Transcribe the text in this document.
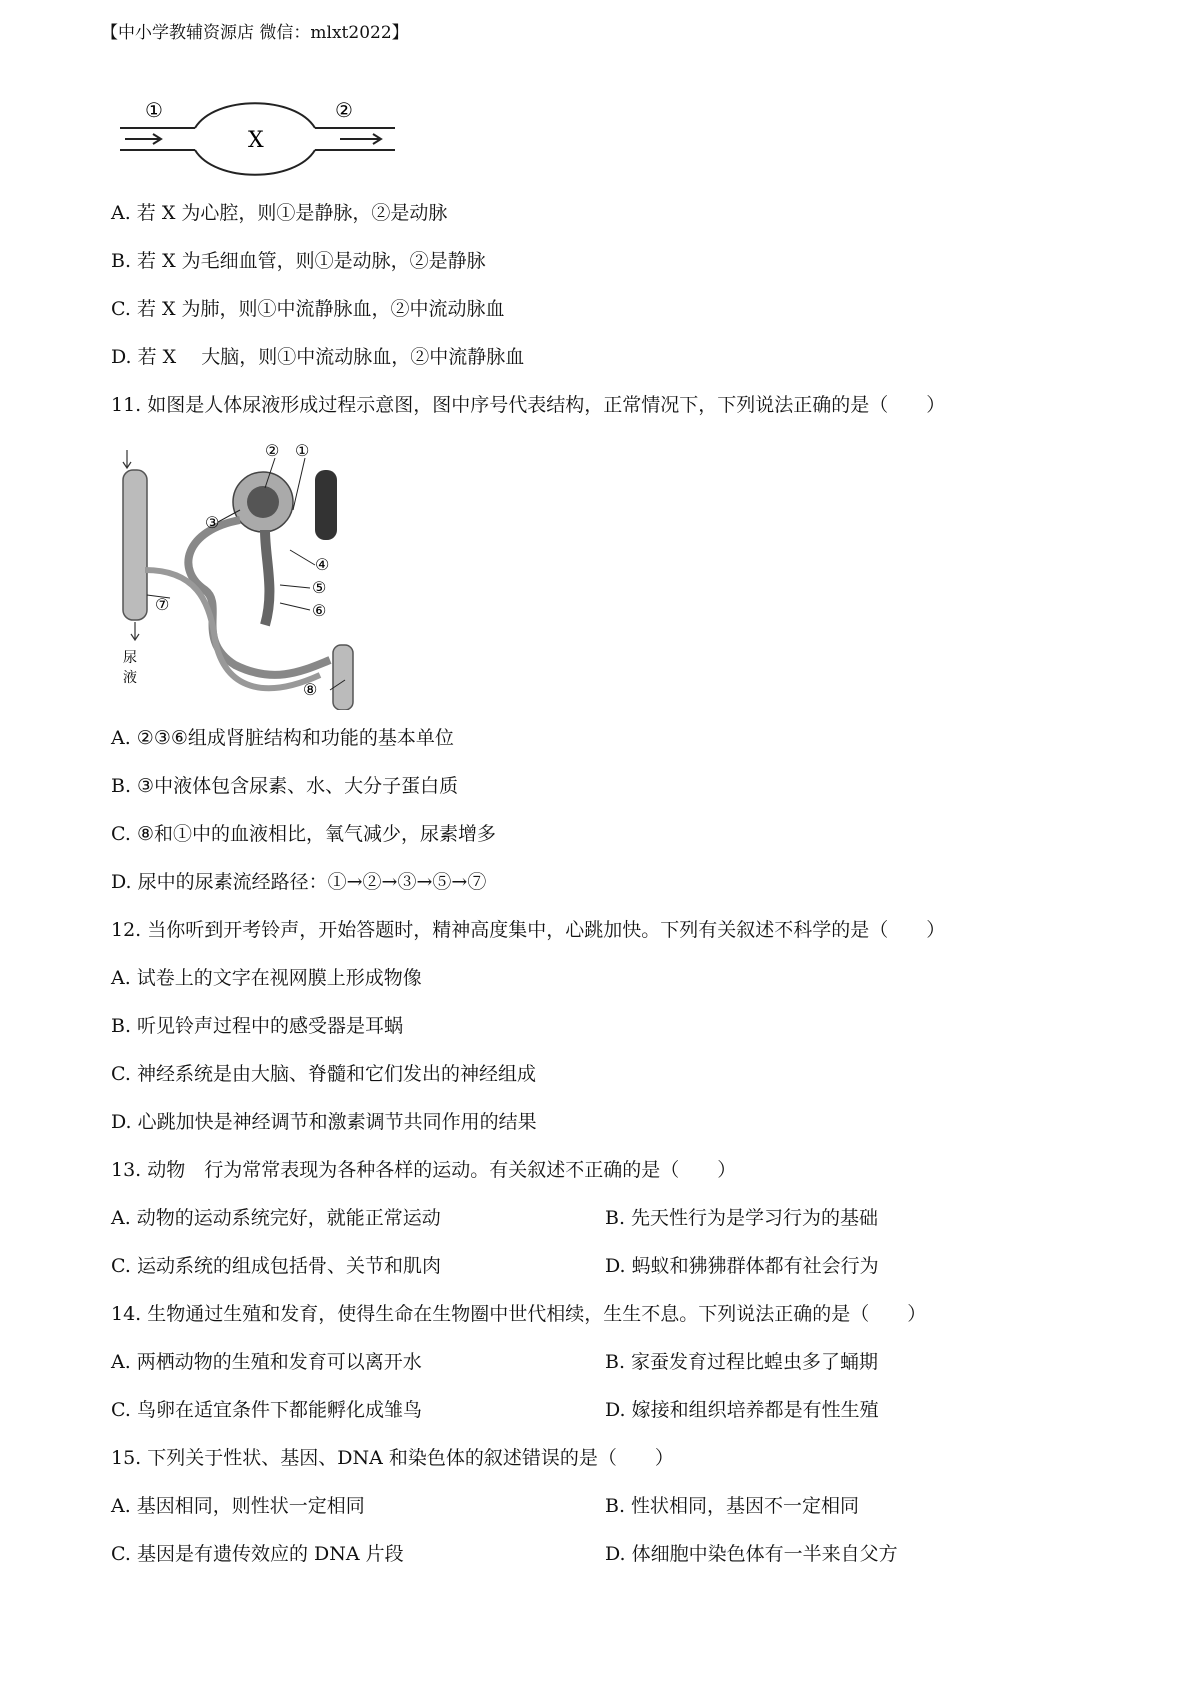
【中小学教辅资源店 微信：mlxt2022】
①	②
X
A. 若 X 为心腔，则①是静脉，②是动脉
B. 若 X 为毛细血管，则①是动脉，②是静脉
C. 若 X 为肺，则①中流静脉血，②中流动脉血
D. 若 X　 大脑，则①中流动脉血，②中流静脉血
11. 如图是人体尿液形成过程示意图，图中序号代表结构，正常情况下，下列说法正确的是（　　）
② ①
③
④
⑤
⑥
⑦
⑧
尿
液
A. ②③⑥组成肾脏结构和功能的基本单位
B. ③中液体包含尿素、水、大分子蛋白质
C. ⑧和①中的血液相比，氧气减少，尿素增多
D. 尿中的尿素流经路径：①→②→③→⑤→⑦
12. 当你听到开考铃声，开始答题时，精神高度集中，心跳加快。下列有关叙述不科学的是（　　）
A. 试卷上的文字在视网膜上形成物像
B. 听见铃声过程中的感受器是耳蜗
C. 神经系统是由大脑、脊髓和它们发出的神经组成
D. 心跳加快是神经调节和激素调节共同作用的结果
13. 动物　行为常常表现为各种各样的运动。有关叙述不正确的是（　　）
A. 动物的运动系统完好，就能正常运动	B. 先天性行为是学习行为的基础
C. 运动系统的组成包括骨、关节和肌肉	D. 蚂蚁和狒狒群体都有社会行为
14. 生物通过生殖和发育，使得生命在生物圈中世代相续，生生不息。下列说法正确的是（　　）
A. 两栖动物的生殖和发育可以离开水	B. 家蚕发育过程比蝗虫多了蛹期
C. 鸟卵在适宜条件下都能孵化成雏鸟	D. 嫁接和组织培养都是有性生殖
15. 下列关于性状、基因、DNA 和染色体的叙述错误的是（　　）
A. 基因相同，则性状一定相同	B. 性状相同，基因不一定相同
C. 基因是有遗传效应的 DNA 片段	D. 体细胞中染色体有一半来自父方
